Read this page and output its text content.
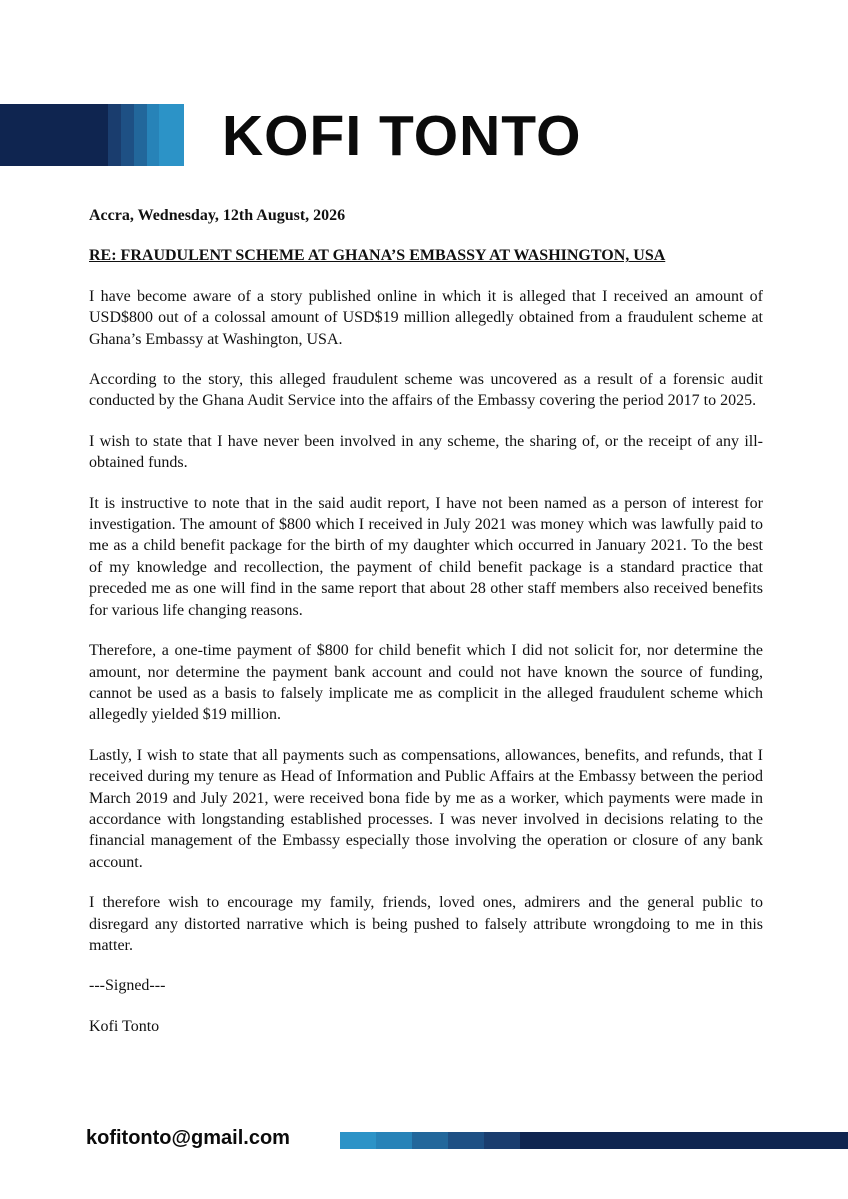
KOFI TONTO

Accra, Wednesday, 12th August, 2026

RE: FRAUDULENT SCHEME AT GHANA’S EMBASSY AT WASHINGTON, USA

I have become aware of a story published online in which it is alleged that I received an amount of USD$800 out of a colossal amount of USD$19 million allegedly obtained from a fraudulent scheme at Ghana’s Embassy at Washington, USA.

According to the story, this alleged fraudulent scheme was uncovered as a result of a forensic audit conducted by the Ghana Audit Service into the affairs of the Embassy covering the period 2017 to 2025.

I wish to state that I have never been involved in any scheme, the sharing of, or the receipt of any ill-obtained funds.

It is instructive to note that in the said audit report, I have not been named as a person of interest for investigation. The amount of $800 which I received in July 2021 was money which was lawfully paid to me as a child benefit package for the birth of my daughter which occurred in January 2021. To the best of my knowledge and recollection, the payment of child benefit package is a standard practice that preceded me as one will find in the same report that about 28 other staff members also received benefits for various life changing reasons.

Therefore, a one-time payment of $800 for child benefit which I did not solicit for, nor determine the amount, nor determine the payment bank account and could not have known the source of funding, cannot be used as a basis to falsely implicate me as complicit in the alleged fraudulent scheme which allegedly yielded $19 million.

Lastly, I wish to state that all payments such as compensations, allowances, benefits, and refunds, that I received during my tenure as Head of Information and Public Affairs at the Embassy between the period March 2019 and July 2021, were received bona fide by me as a worker, which payments were made in accordance with longstanding established processes. I was never involved in decisions relating to the financial management of the Embassy especially those involving the operation or closure of any bank account.

I therefore wish to encourage my family, friends, loved ones, admirers and the general public to disregard any distorted narrative which is being pushed to falsely attribute wrongdoing to me in this matter.

---Signed---

Kofi Tonto

kofitonto@gmail.com
